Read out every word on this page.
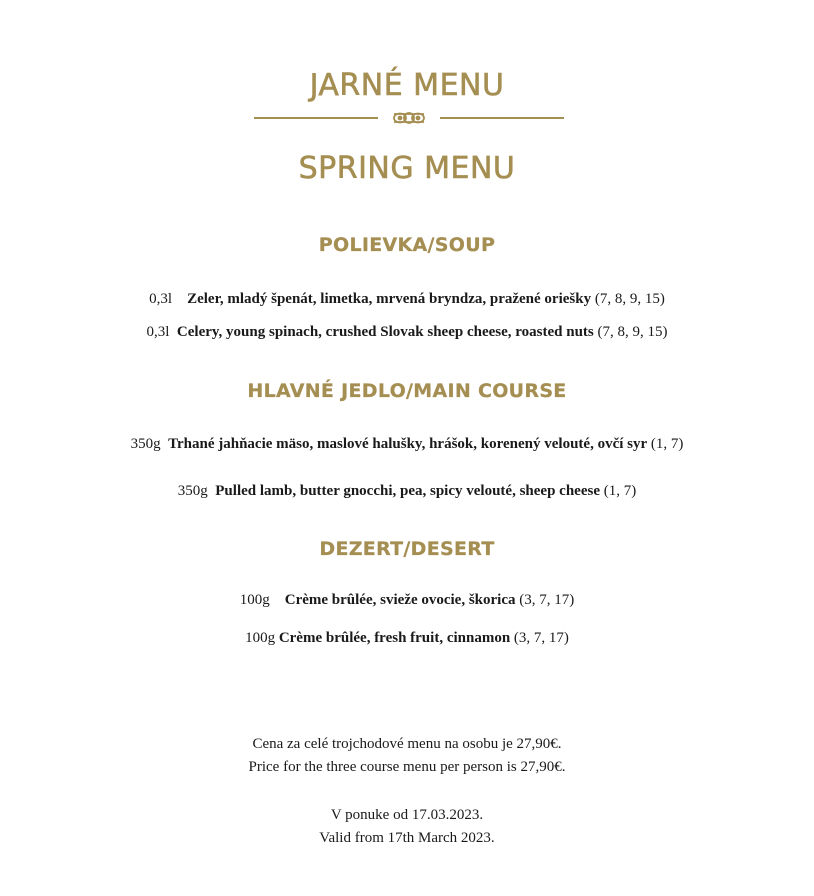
JARNÉ MENU
SPRING MENU
POLIEVKA/SOUP
0,3l Zeler, mladý špenát, limetka, mrvená bryndza, pražené oriešky (7, 8, 9, 15)
0,3l Celery, young spinach, crushed Slovak sheep cheese, roasted nuts (7, 8, 9, 15)
HLAVNÉ JEDLO/MAIN COURSE
350g Trhané jahňacie mäso, maslové halušky, hrášok, korenený velouté, ovčí syr (1, 7)
350g Pulled lamb, butter gnocchi, pea, spicy velouté, sheep cheese (1, 7)
DEZERT/DESERT
100g Crème brûlée, svieže ovocie, škorica (3, 7, 17)
100g Crème brûlée, fresh fruit, cinnamon (3, 7, 17)
Cena za celé trojchodové menu na osobu je 27,90€.
Price for the three course menu per person is 27,90€.
V ponuke od 17.03.2023.
Valid from 17th March 2023.
